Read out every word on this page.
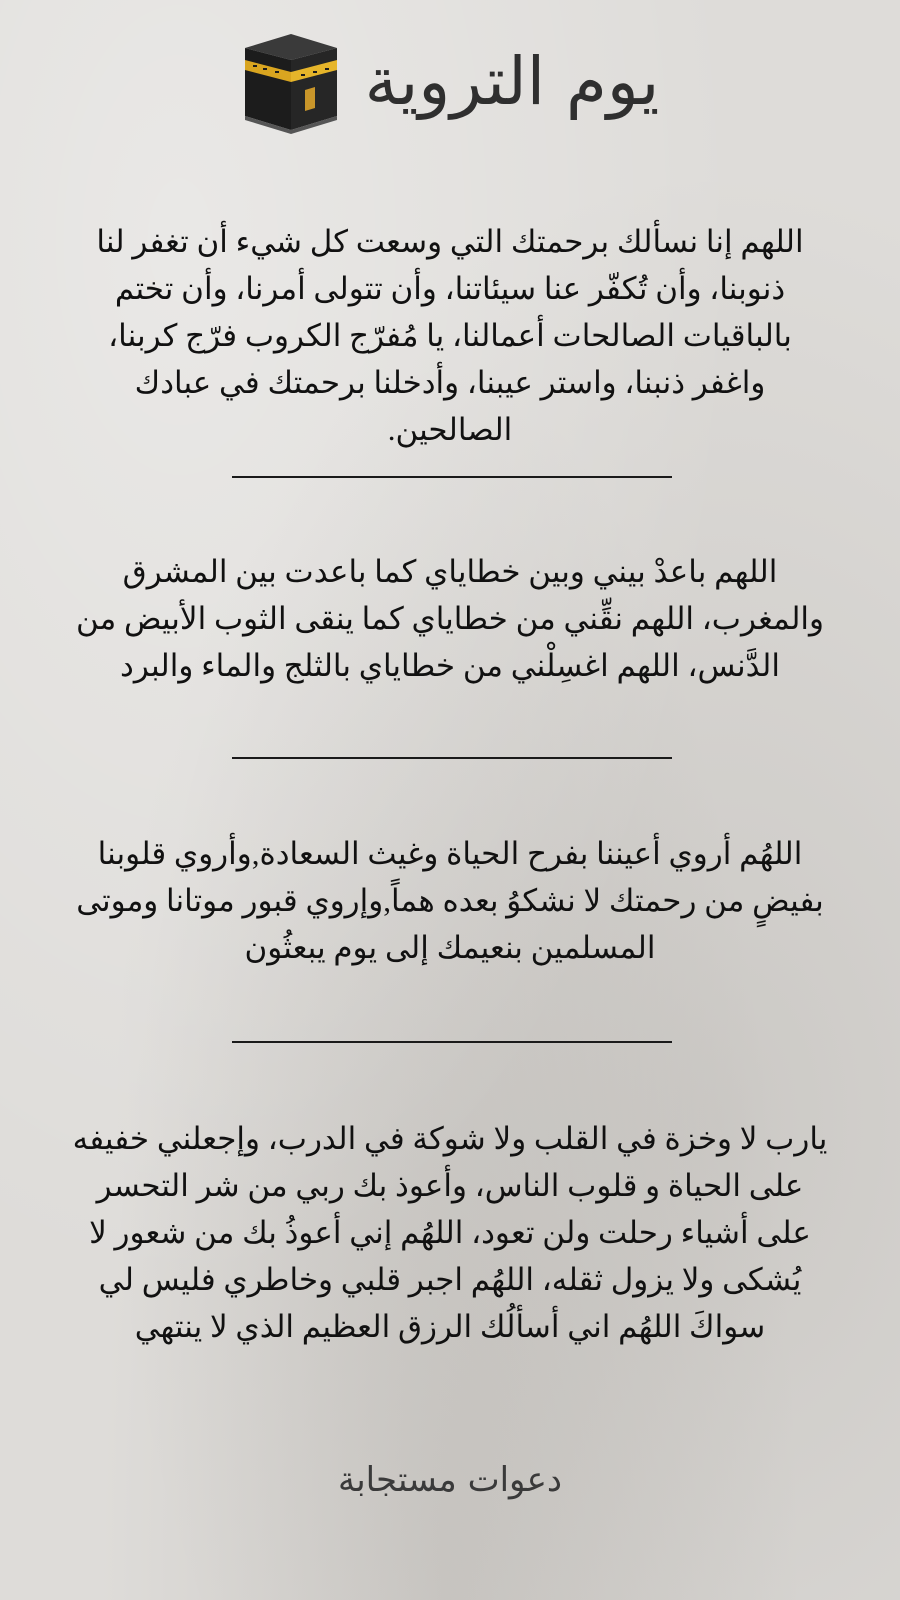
يوم التروية
اللهم إنا نسألك برحمتك التي وسعت كل شيء أن تغفر لنا ذنوبنا، وأن تُكفّر عنا سيئاتنا، وأن تتولى أمرنا، وأن تختم بالباقيات الصالحات أعمالنا، يا مُفرّج الكروب فرّج كربنا، واغفر ذنبنا، واستر عيبنا، وأدخلنا برحمتك في عبادك الصالحين.
اللهم باعدْ بيني وبين خطاياي كما باعدت بين المشرق والمغرب، اللهم نقِّني من خطاياي كما ينقى الثوب الأبيض من الدَّنس، اللهم اغسِلْني من خطاياي بالثلج والماء والبرد
اللهُم أروي أعيننا بفرح الحياة وغيث السعادة,وأروي قلوبنا بفيضٍ من رحمتك لا نشكوُ بعده هماً,وإروي قبور موتانا وموتى المسلمين بنعيمك إلى يوم يبعثُون
يارب لا وخزة في القلب ولا شوكة في الدرب، وإجعلني خفيفه على الحياة و قلوب الناس، وأعوذ بك ربي من شر التحسر على أشياء رحلت ولن تعود، اللهُم إني أعوذُ بك من شعور لا يُشكى ولا يزول ثقله، اللهُم اجبر قلبي وخاطري فليس لي سواكَ اللهُم اني أسألُك الرزق العظيم الذي لا ينتهي
دعوات مستجابة
